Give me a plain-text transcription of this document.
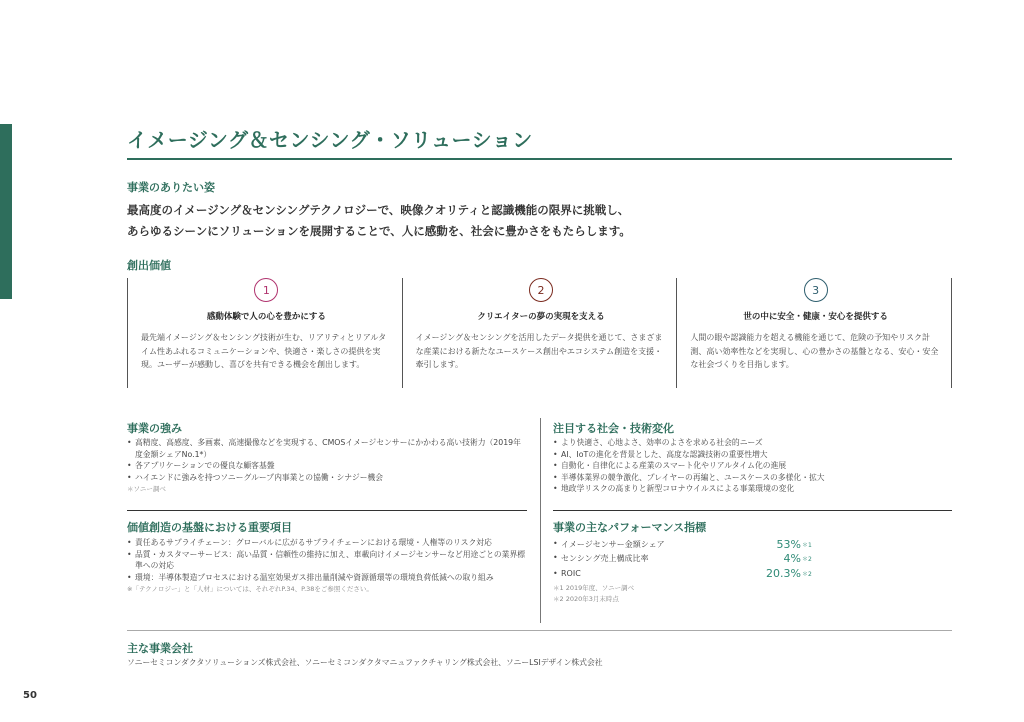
イメージング＆センシング・ソリューション
事業のありたい姿
最高度のイメージング＆センシングテクノロジーで、映像クオリティと認識機能の限界に挑戦し、
あらゆるシーンにソリューションを展開することで、人に感動を、社会に豊かさをもたらします。
創出価値
1
感動体験で人の心を豊かにする
最先端イメージング＆センシング技術が生む、リアリティとリアルタイム性あふれるコミュニケーションや、快適さ・楽しさの提供を実現。ユーザーが感動し、喜びを共有できる機会を創出します。
2
クリエイターの夢の実現を支える
イメージング＆センシングを活用したデータ提供を通じて、さまざまな産業における新たなユースケース創出やエコシステム創造を支援・牽引します。
3
世の中に安全・健康・安心を提供する
人間の眼や認識能力を超える機能を通じて、危険の予知やリスク計測、高い効率性などを実現し、心の豊かさの基盤となる、安心・安全な社会づくりを目指します。
事業の強み
• 高精度、高感度、多画素、高速撮像などを実現する、CMOSイメージセンサーにかかわる高い技術力（2019年度金額シェアNo.1*）
• 各アプリケーションでの優良な顧客基盤
• ハイエンドに強みを持つソニーグループ内事業との協働・シナジー機会
＊ソニー調べ
注目する社会・技術変化
• より快適さ、心地よさ、効率のよさを求める社会的ニーズ
• AI、IoTの進化を背景とした、高度な認識技術の重要性増大
• 自動化・自律化による産業のスマート化やリアルタイム化の進展
• 半導体業界の競争激化、プレイヤーの再編と、ユースケースの多様化・拡大
• 地政学リスクの高まりと新型コロナウイルスによる事業環境の変化
価値創造の基盤における重要項目
• 責任あるサプライチェーン：グローバルに広がるサプライチェーンにおける環境・人権等のリスク対応
• 品質・カスタマーサービス：高い品質・信頼性の維持に加え、車載向けイメージセンサーなど用途ごとの業界標準への対応
• 環境：半導体製造プロセスにおける温室効果ガス排出量削減や資源循環等の環境負荷低減への取り組み
※「テクノロジー」と「人材」については、それぞれP.34、P.38をご参照ください。
事業の主なパフォーマンス指標
• イメージセンサー金額シェア	53% ＊1
• センシング売上構成比率	4% ＊2
• ROIC	20.3% ＊2
＊1 2019年度、ソニー調べ
＊2 2020年3月末時点
主な事業会社
ソニーセミコンダクタソリューションズ株式会社、ソニーセミコンダクタマニュファクチャリング株式会社、ソニーLSIデザイン株式会社
50
